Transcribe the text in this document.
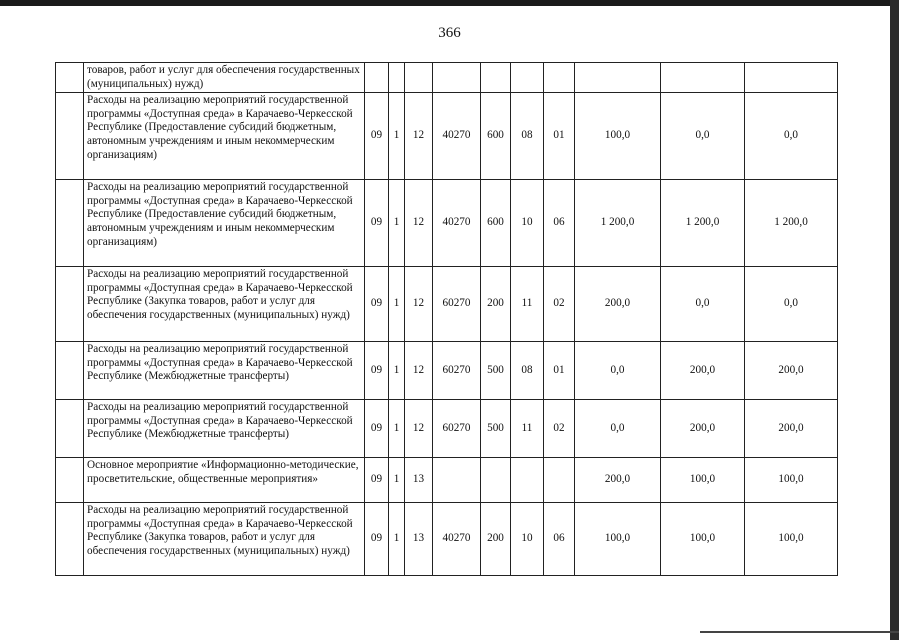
366
	товаров, работ и услуг для обеспечения государственных (муниципальных) нужд)										
	Расходы на реализацию мероприятий государственной программы «Доступная среда» в Карачаево-Черкесской Республике (Предоставление субсидий бюджетным, автономным учреждениям и иным некоммерческим организациям)	09	1	12	40270	600	08	01	100,0	0,0	0,0
	Расходы на реализацию мероприятий государственной программы «Доступная среда» в Карачаево-Черкесской Республике (Предоставление субсидий бюджетным, автономным учреждениям и иным некоммерческим организациям)	09	1	12	40270	600	10	06	1 200,0	1 200,0	1 200,0
	Расходы на реализацию мероприятий государственной программы «Доступная среда» в Карачаево-Черкесской Республике (Закупка товаров, работ и услуг для обеспечения государственных (муниципальных) нужд)	09	1	12	60270	200	11	02	200,0	0,0	0,0
	Расходы на реализацию мероприятий государственной программы «Доступная среда» в Карачаево-Черкесской Республике (Межбюджетные трансферты)	09	1	12	60270	500	08	01	0,0	200,0	200,0
	Расходы на реализацию мероприятий государственной программы «Доступная среда» в Карачаево-Черкесской Республике (Межбюджетные трансферты)	09	1	12	60270	500	11	02	0,0	200,0	200,0
	Основное мероприятие «Информационно-методические, просветительские, общественные мероприятия»	09	1	13					200,0	100,0	100,0
	Расходы на реализацию мероприятий государственной программы «Доступная среда» в Карачаево-Черкесской Республике (Закупка товаров, работ и услуг для обеспечения государственных (муниципальных) нужд)	09	1	13	40270	200	10	06	100,0	100,0	100,0
